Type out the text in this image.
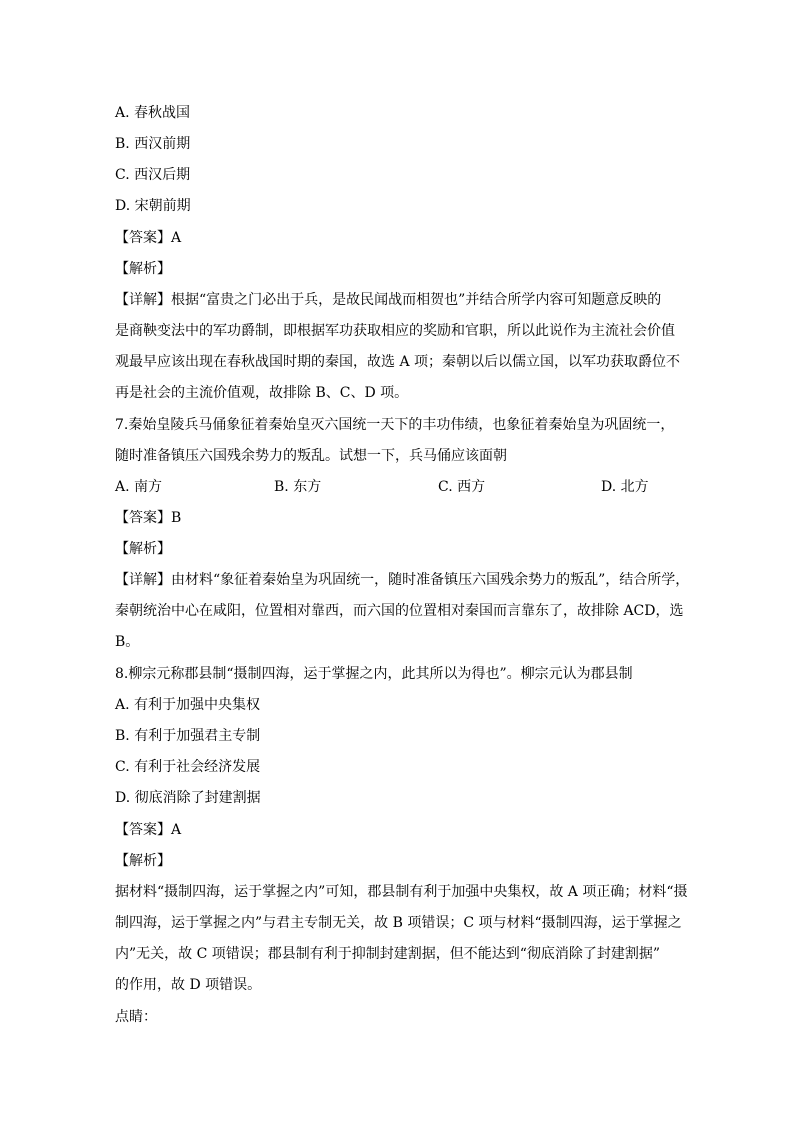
A. 春秋战国
B. 西汉前期
C. 西汉后期
D. 宋朝前期
【答案】A
【解析】
【详解】根据“富贵之门必出于兵，是故民闻战而相贺也”并结合所学内容可知题意反映的
是商鞅变法中的军功爵制，即根据军功获取相应的奖励和官职，所以此说作为主流社会价值
观最早应该出现在春秋战国时期的秦国，故选 A 项；秦朝以后以儒立国，以军功获取爵位不
再是社会的主流价值观，故排除 B、C、D 项。
7.秦始皇陵兵马俑象征着秦始皇灭六国统一天下的丰功伟绩，也象征着秦始皇为巩固统一，
随时准备镇压六国残余势力的叛乱。试想一下，兵马俑应该面朝
A. 南方	B. 东方	C. 西方	D. 北方
【答案】B
【解析】
【详解】由材料“象征着秦始皇为巩固统一，随时准备镇压六国残余势力的叛乱”，结合所学，
秦朝统治中心在咸阳，位置相对靠西，而六国的位置相对秦国而言靠东了，故排除 ACD，选
B。
8.柳宗元称郡县制“摄制四海，运于掌握之内，此其所以为得也”。柳宗元认为郡县制
A. 有利于加强中央集权
B. 有利于加强君主专制
C. 有利于社会经济发展
D. 彻底消除了封建割据
【答案】A
【解析】
据材料“摄制四海，运于掌握之内”可知，郡县制有利于加强中央集权，故 A 项正确；材料“摄
制四海，运于掌握之内”与君主专制无关，故 B 项错误；C 项与材料“摄制四海，运于掌握之
内”无关，故 C 项错误；郡县制有利于抑制封建割据，但不能达到“彻底消除了封建割据”
的作用，故 D 项错误。
点睛：
